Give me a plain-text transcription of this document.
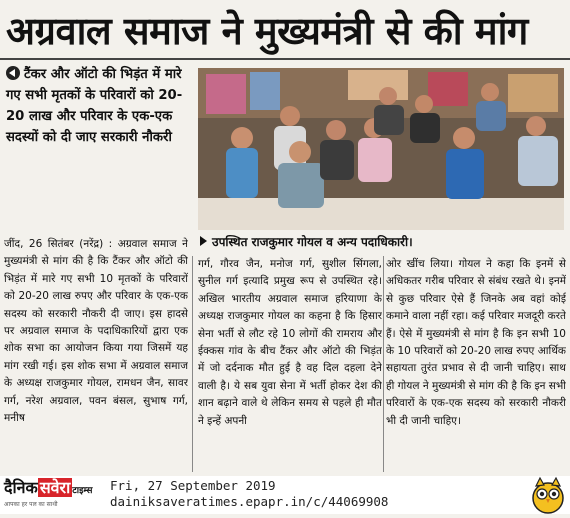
अग्रवाल समाज ने मुख्यमंत्री से की मांग
टैंकर और ऑटो की भिड़ंत में मारे गए सभी मृतकों के परिवारों को 20-20 लाख और परिवार के एक-एक सदस्यों को दी जाए सरकारी नौकरी
उपस्थित राजकुमार गोयल व अन्य पदाधिकारी।
जींद, 26 सितंबर (नरेंद्र) : अग्रवाल समाज ने मुख्यमंत्री से मांग की है कि टैंकर और ऑटो की भिड़ंत में मारे गए सभी 10 मृतकों के परिवारों को 20-20 लाख रुपए और परिवार के एक-एक सदस्य को सरकारी नौकरी दी जाए। इस हादसे पर अग्रवाल समाज के पदाधिकारियों द्वारा एक शोक सभा का आयोजन किया गया जिसमें यह मांग रखी गई। इस शोक सभा में अग्रवाल समाज के अध्यक्ष राजकुमार गोयल, रामधन जैन, सावर गर्ग, नरेश अग्रवाल, पवन बंसल, सुभाष गर्ग, मनीष
गर्ग, गौरव जैन, मनोज गर्ग, सुशील सिंगला, सुनील गर्ग इत्यादि प्रमुख रूप से उपस्थित रहे। अखिल भारतीय अग्रवाल समाज हरियाणा के अध्यक्ष राजकुमार गोयल का कहना है कि हिसार सेना भर्ती से लौट रहे 10 लोगों की रामराय और ईक्कस गांव के बीच टैंकर और ऑटो की भिड़ंत में जो दर्दनाक मौत हुई है वह दिल दहला देने वाली है। ये सब युवा सेना में भर्ती होकर देश की शान बढ़ाने वाले थे लेकिन समय से पहले ही मौत ने इन्हें अपनी
ओर खींच लिया। गोयल ने कहा कि इनमें से अधिकतर गरीब परिवार से संबंध रखते थे। इनमें से कुछ परिवार ऐसे हैं जिनके अब वहां कोई कमाने वाला नहीं रहा। कई परिवार मजदूरी करते हैं। ऐसे में मुख्यमंत्री से मांग है कि इन सभी 10 के 10 परिवारों को 20-20 लाख रुपए आर्थिक सहायता तुरंत प्रभाव से दी जानी चाहिए। साथ ही गोयल ने मुख्यमंत्री से मांग की है कि इन सभी परिवारों के एक-एक सदस्य को सरकारी नौकरी भी दी जानी चाहिए।
दैनिक सवेरा टाइम्स
आपका हर पल का साथी
Fri, 27 September 2019
dainiksaveratimes.epapr.in/c/44069908
